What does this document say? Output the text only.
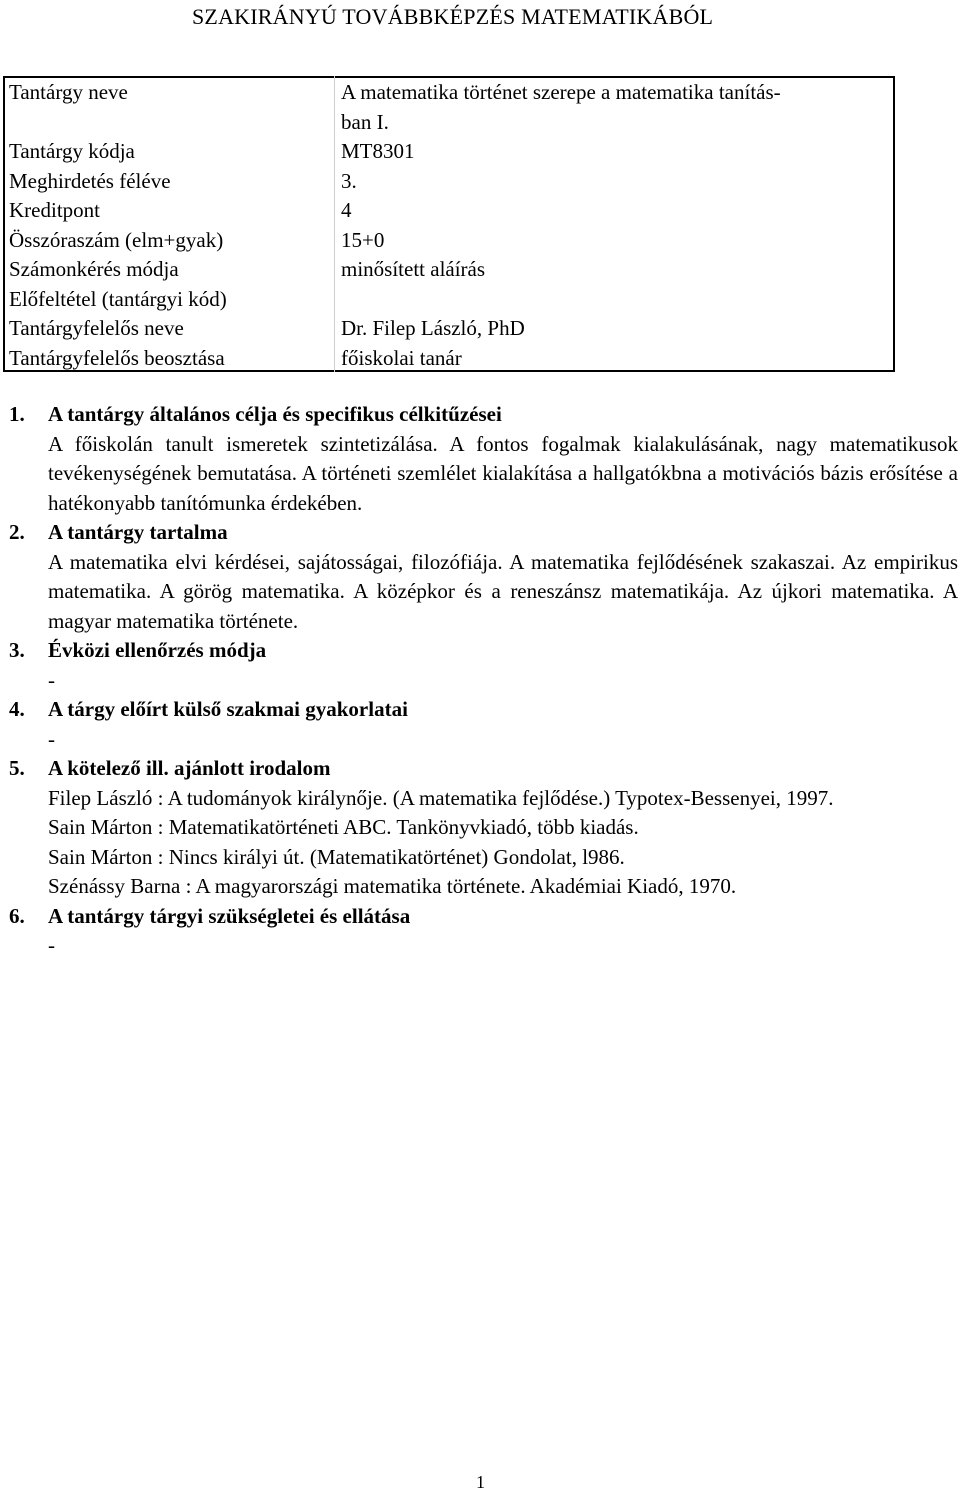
SZAKIRÁNYÚ TOVÁBBKÉPZÉS MATEMATIKÁBÓL
Tantárgy neve	A matematika történet szerepe a matematika tanítás-
ban I.

Tantárgy kódja	MT8301
Meghirdetés féléve	3.
Kreditpont	4
Összóraszám (elm+gyak)	15+0
Számonkérés módja	minősített aláírás
Előfeltétel (tantárgyi kód)	
Tantárgyfelelős neve	Dr. Filep László, PhD
Tantárgyfelelős beosztása	főiskolai tanár
1. A tantárgy általános célja és specifikus célkitűzései

A főiskolán tanult ismeretek szintetizálása. A fontos fogalmak kialakulásának, nagy matematikusok tevékenységének bemutatása. A történeti szemlélet kialakítása a hallgatókbna a motivációs bázis erősítése a hatékonyabb tanítómunka érdekében.

2. A tantárgy tartalma

A matematika elvi kérdései, sajátosságai, filozófiája. A matematika fejlődésének szakaszai. Az empirikus matematika. A görög matematika. A középkor és a reneszánsz matematikája. Az újkori matematika. A magyar matematika története.

3. Évközi ellenőrzés módja
-
4. A tárgy előírt külső szakmai gyakorlatai
-
5. A kötelező ill. ajánlott irodalom

Filep László : A tudományok királynője. (A matematika fejlődése.) Typotex-Bessenyei, 1997.

Sain Márton : Matematikatörténeti ABC. Tankönyvkiadó, több kiadás.

Sain Márton : Nincs királyi út. (Matematikatörténet) Gondolat, l986.

Szénássy Barna : A magyarországi matematika története. Akadémiai Kiadó, 1970.

6. A tantárgy tárgyi szükségletei és ellátása
-
1
